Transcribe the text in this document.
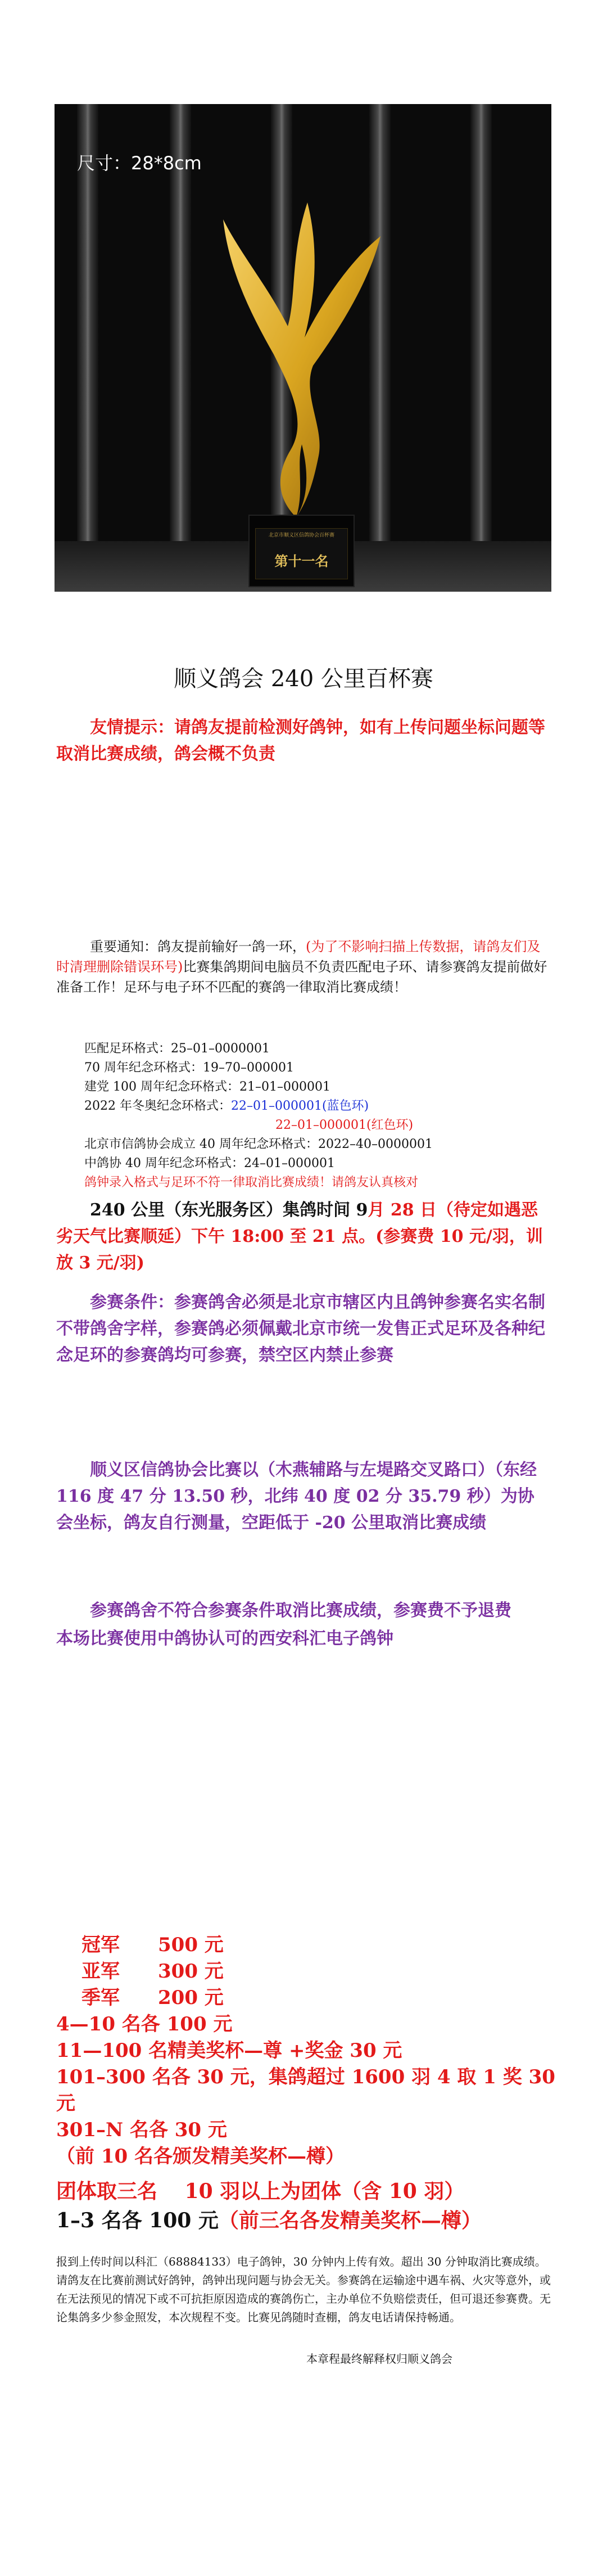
尺寸：28*8cm
北京市顺义区信鸽协会百杯赛
第十一名
顺义鸽会 240 公里百杯赛
友情提示：请鸽友提前检测好鸽钟，如有上传问题坐标问题等取消比赛成绩，鸽会概不负责
重要通知：鸽友提前输好一鸽一环，(为了不影响扫描上传数据，请鸽友们及时清理删除错误环号)比赛集鸽期间电脑员不负责匹配电子环、请参赛鸽友提前做好准备工作！足环与电子环不匹配的赛鸽一律取消比赛成绩！
匹配足环格式：25–01–0000001
70 周年纪念环格式：19–70–000001
建党 100 周年纪念环格式：21–01–000001
2022 年冬奥纪念环格式：22–01–000001(蓝色环)
22–01–000001(红色环)
北京市信鸽协会成立 40 周年纪念环格式：2022–40–0000001
中鸽协 40 周年纪念环格式：24–01–000001
鸽钟录入格式与足环不符一律取消比赛成绩！请鸽友认真核对
240 公里（东光服务区）集鸽时间 9月 28 日（待定如遇恶劣天气比赛顺延）下午 18:00 至 21 点。(参赛费 10 元/羽，训放 3 元/羽)
参赛条件：参赛鸽舍必须是北京市辖区内且鸽钟参赛名实名制不带鸽舍字样，参赛鸽必须佩戴北京市统一发售正式足环及各种纪念足环的参赛鸽均可参赛，禁空区内禁止参赛
顺义区信鸽协会比赛以（木燕辅路与左堤路交叉路口）（东经116 度 47 分 13.50 秒，北纬 40 度 02 分 35.79 秒）为协会坐标，鸽友自行测量，空距低于 -20 公里取消比赛成绩
参赛鸽舍不符合参赛条件取消比赛成绩，参赛费不予退费
本场比赛使用中鸽协认可的西安科汇电子鸽钟
冠军　　500 元
亚军　　300 元
季军　　200 元
4—10 名各 100 元
11—100 名精美奖杯—尊 +奖金 30 元
101–300 名各 30 元，集鸽超过 1600 羽 4 取 1 奖 30 元
301–N 名各 30 元
（前 10 名各颁发精美奖杯—樽）
团体取三名　 10 羽以上为团体（含 10 羽）
1–3 名各 100 元（前三名各发精美奖杯—樽）
报到上传时间以科汇（68884133）电子鸽钟，30 分钟内上传有效。超出 30 分钟取消比赛成绩。请鸽友在比赛前测试好鸽钟，鸽钟出现问题与协会无关。参赛鸽在运输途中遇车祸、火灾等意外，或在无法预见的情况下或不可抗拒原因造成的赛鸽伤亡，主办单位不负赔偿责任，但可退还参赛费。无论集鸽多少参金照发，本次规程不变。比赛见鸽随时查棚，鸽友电话请保持畅通。
本章程最终解释权归顺义鸽会
